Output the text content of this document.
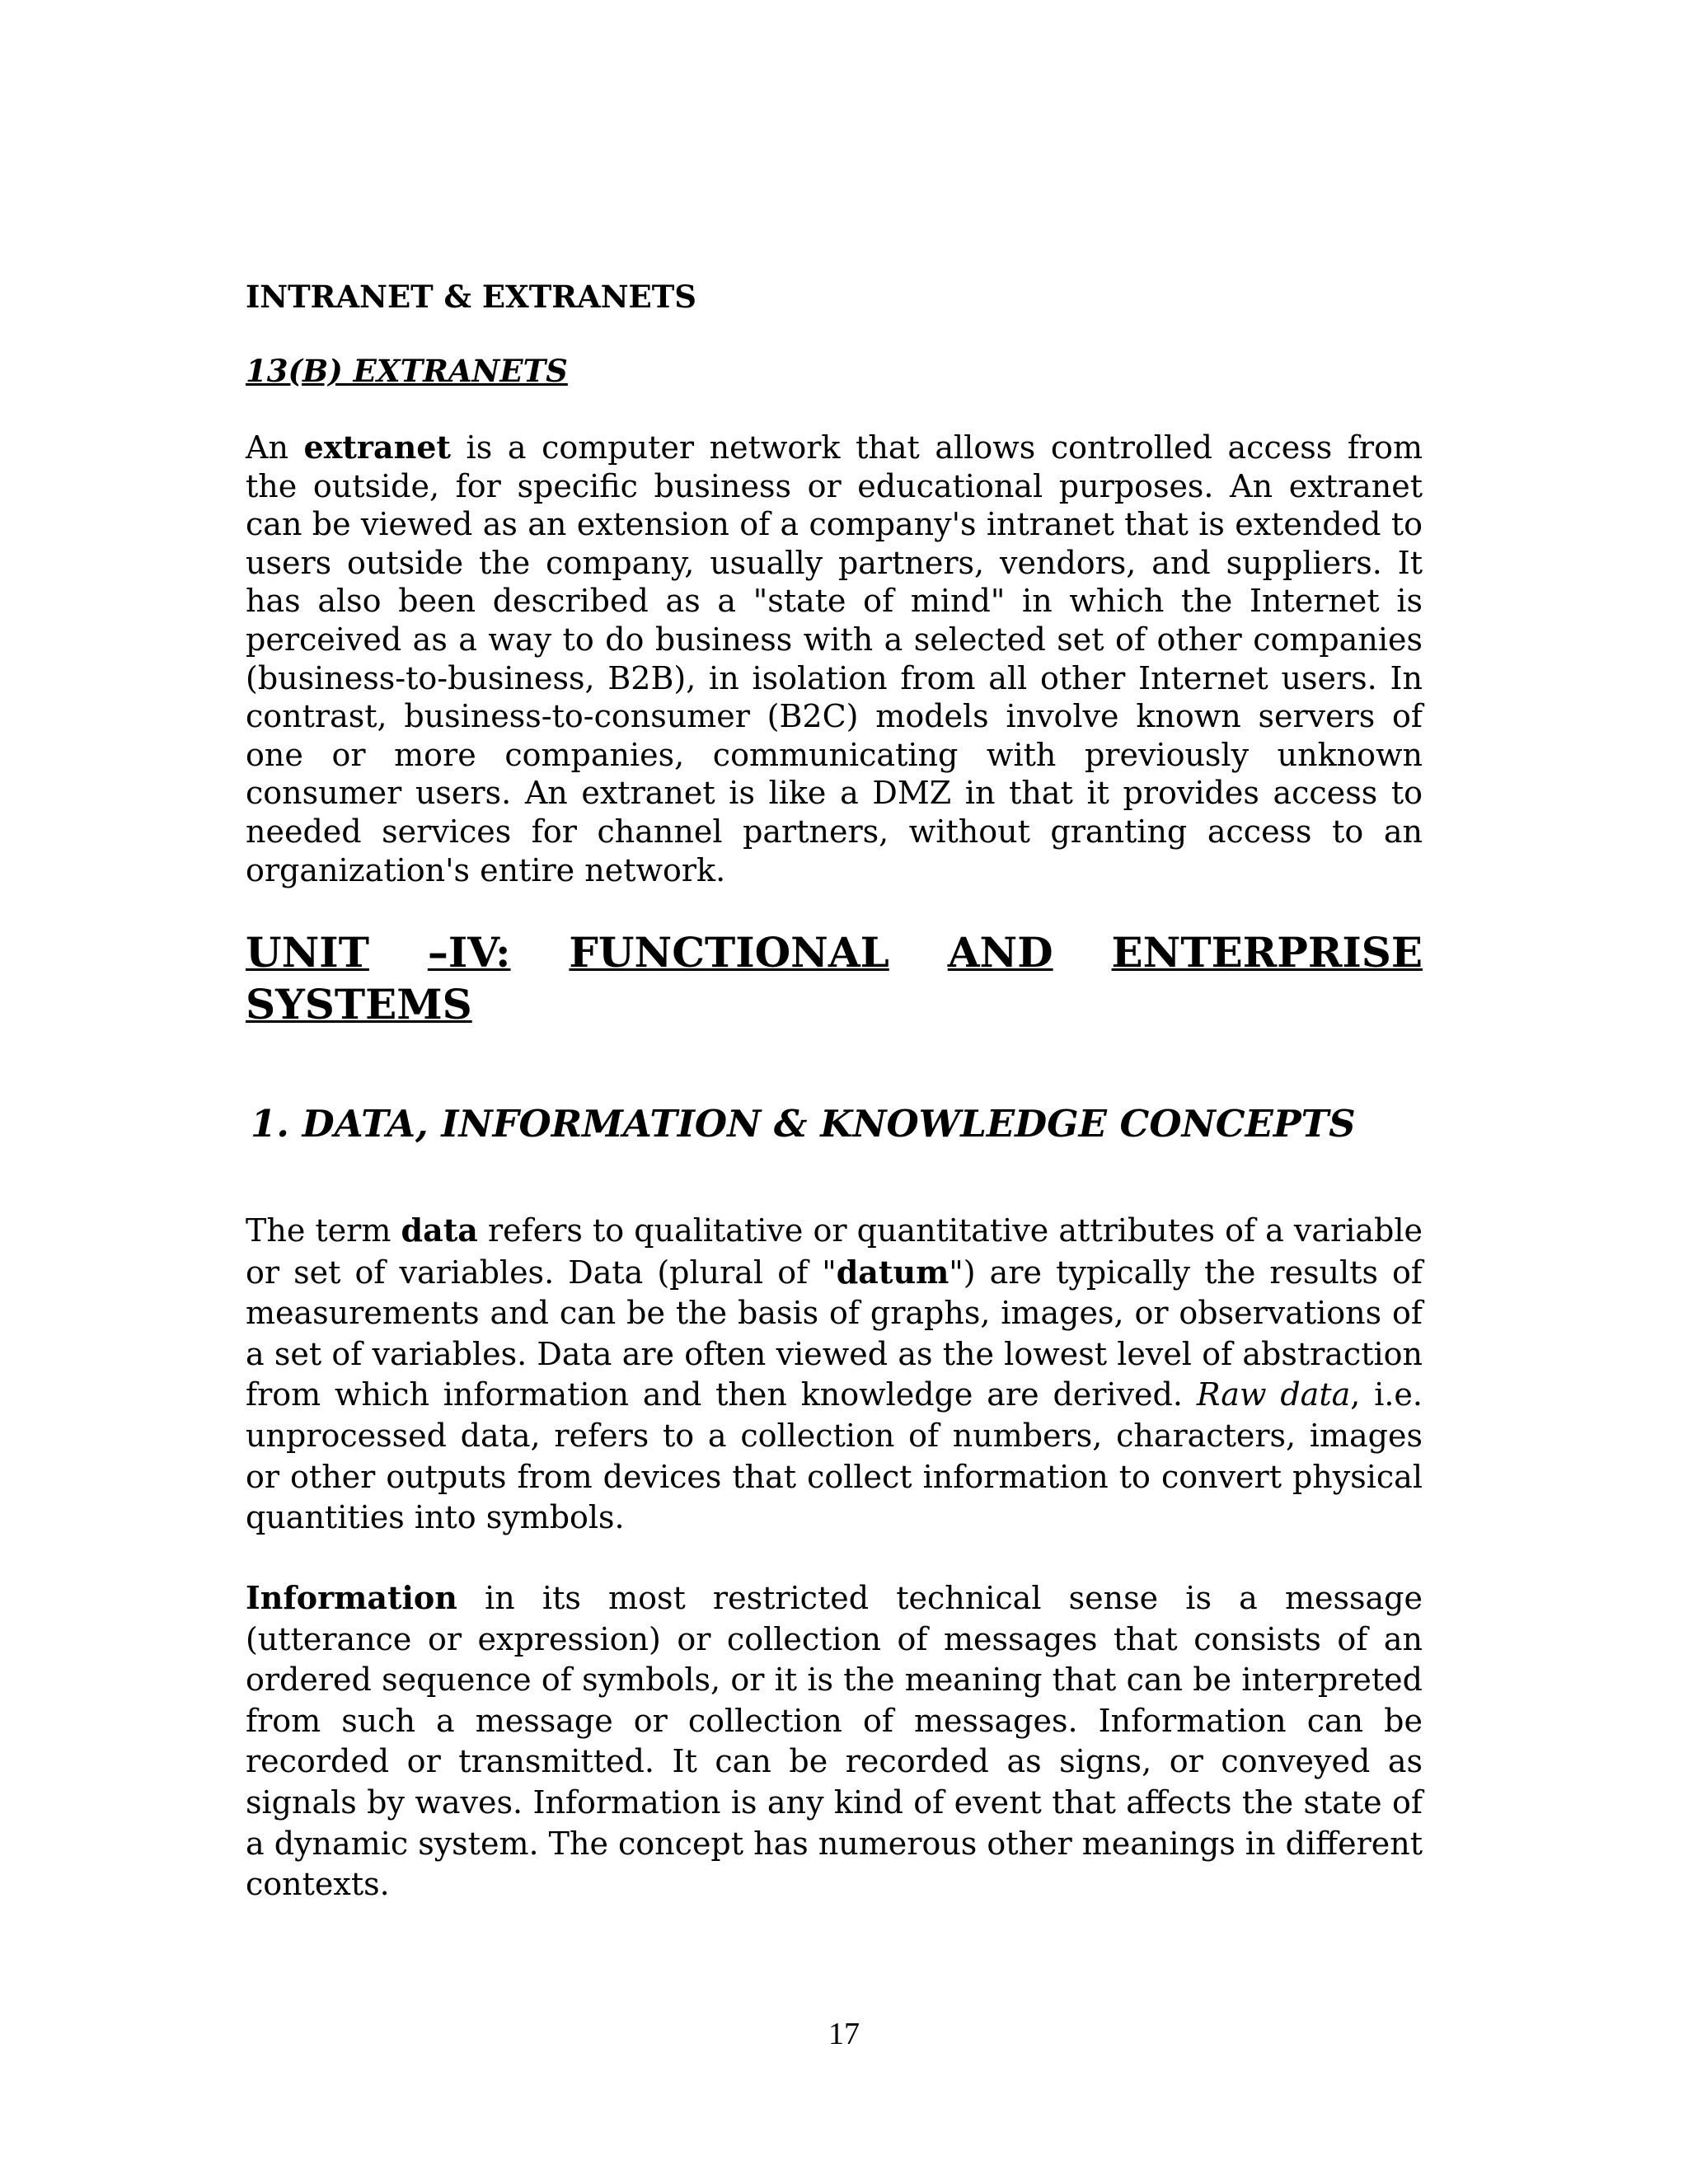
INTRANET & EXTRANETS
13(B) EXTRANETS

An extranet is a computer network that allows controlled access from the outside, for specific business or educational purposes. An extranet can be viewed as an extension of a company's intranet that is extended to users outside the company, usually partners, vendors, and suppliers. It has also been described as a "state of mind" in which the Internet is perceived as a way to do business with a selected set of other companies (business-to-business, B2B), in isolation from all other Internet users. In contrast, business-to-consumer (B2C) models involve known servers of one or more companies, communicating with previously unknown consumer users. An extranet is like a DMZ in that it provides access to needed services for channel partners, without granting access to an organization's entire network.

UNIT –IV: FUNCTIONAL AND ENTERPRISE
SYSTEMS
1. DATA, INFORMATION & KNOWLEDGE CONCEPTS

The term data refers to qualitative or quantitative attributes of a variable or set of variables. Data (plural of "datum") are typically the results of measurements and can be the basis of graphs, images, or observations of a set of variables. Data are often viewed as the lowest level of abstraction from which information and then knowledge are derived. Raw data, i.e. unprocessed data, refers to a collection of numbers, characters, images or other outputs from devices that collect information to convert physical quantities into symbols.

Information in its most restricted technical sense is a message (utterance or expression) or collection of messages that consists of an ordered sequence of symbols, or it is the meaning that can be interpreted from such a message or collection of messages. Information can be recorded or transmitted. It can be recorded as signs, or conveyed as signals by waves. Information is any kind of event that affects the state of a dynamic system. The concept has numerous other meanings in different contexts.

17
